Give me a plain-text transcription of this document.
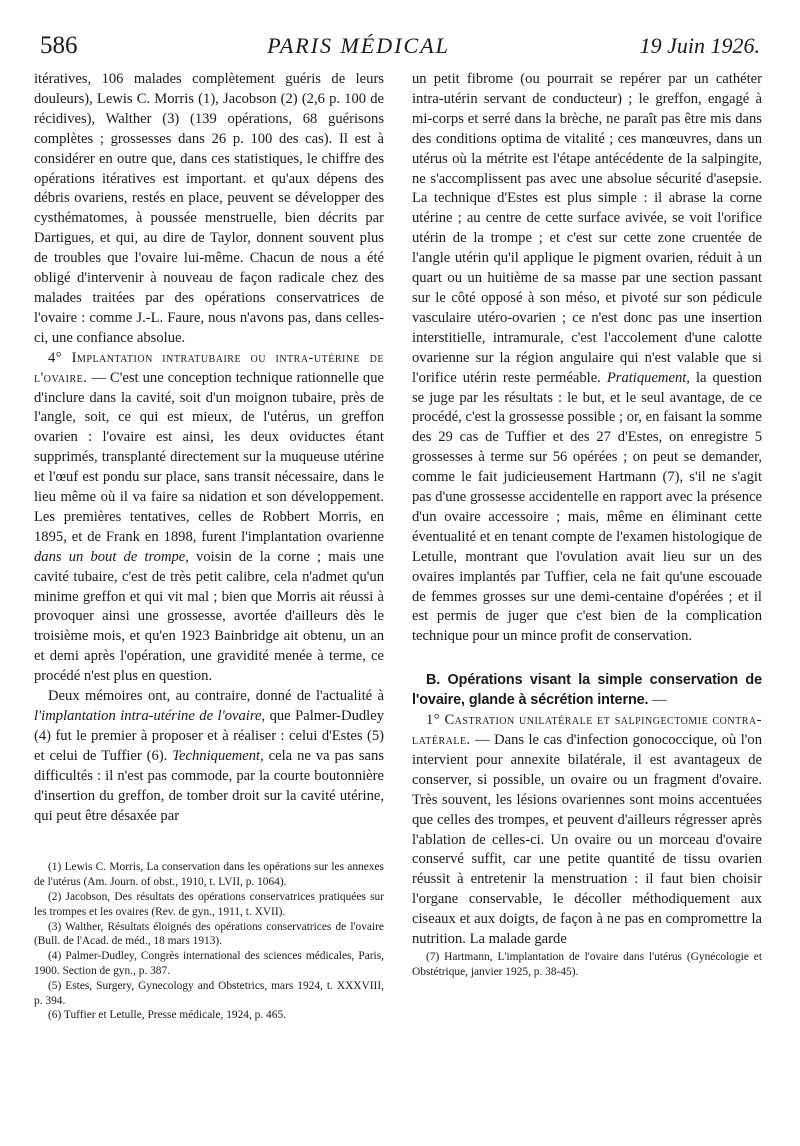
586	PARIS MÉDICAL	19 Juin 1926.

itératives, 106 malades complètement guéris de leurs douleurs), Lewis C. Morris (1), Jacobson (2) (2,6 p. 100 de récidives), Walther (3) (139 opérations, 68 guérisons complètes ; grossesses dans 26 p. 100 des cas). Il est à considérer en outre que, dans ces statistiques, le chiffre des opérations itératives est important. et qu'aux dépens des débris ovariens, restés en place, peuvent se développer des cysthématomes, à poussée menstruelle, bien décrits par Dartigues, et qui, au dire de Taylor, donnent souvent plus de troubles que l'ovaire lui-même. Chacun de nous a été obligé d'intervenir à nouveau de façon radicale chez des malades traitées par des opérations conservatrices de l'ovaire : comme J.-L. Faure, nous n'avons pas, dans celles-ci, une confiance absolue.

4° Implantation intratubaire ou intra-utérine de l'ovaire. — C'est une conception technique rationnelle que d'inclure dans la cavité, soit d'un moignon tubaire, près de l'angle, soit, ce qui est mieux, de l'utérus, un greffon ovarien : l'ovaire est ainsi, les deux oviductes étant supprimés, transplanté directement sur la muqueuse utérine et l'œuf est pondu sur place, sans transit nécessaire, dans le lieu même où il va faire sa nidation et son développement. Les premières tentatives, celles de Robbert Morris, en 1895, et de Frank en 1898, furent l'implantation ovarienne dans un bout de trompe, voisin de la corne ; mais une cavité tubaire, c'est de très petit calibre, cela n'admet qu'un minime greffon et qui vit mal ; bien que Morris ait réussi à provoquer ainsi une grossesse, avortée d'ailleurs dès le troisième mois, et qu'en 1923 Bainbridge ait obtenu, un an et demi après l'opération, une gravidité menée à terme, ce procédé n'est plus en question.

Deux mémoires ont, au contraire, donné de l'actualité à l'implantation intra-utérine de l'ovaire, que Palmer-Dudley (4) fut le premier à proposer et à réaliser : celui d'Estes (5) et celui de Tuffier (6). Techniquement, cela ne va pas sans difficultés : il n'est pas commode, par la courte boutonnière d'insertion du greffon, de tomber droit sur la cavité utérine, qui peut être désaxée par

(1) Lewis C. Morris, La conservation dans les opérations sur les annexes de l'utérus (Am. Journ. of obst., 1910, t. LVII, p. 1064).

(2) Jacobson, Des résultats des opérations conservatrices pratiquées sur les trompes et les ovaires (Rev. de gyn., 1911, t. XVII).

(3) Walther, Résultats éloignés des opérations conservatrices de l'ovaire (Bull. de l'Acad. de méd., 18 mars 1913).

(4) Palmer-Dudley, Congrès international des sciences médicales, Paris, 1900. Section de gyn., p. 387.

(5) Estes, Surgery, Gynecology and Obstetrics, mars 1924, t. XXXVIII, p. 394.

(6) Tuffier et Letulle, Presse médicale, 1924, p. 465.

un petit fibrome (ou pourrait se repérer par un cathéter intra-utérin servant de conducteur) ; le greffon, engagé à mi-corps et serré dans la brèche, ne paraît pas être mis dans des conditions optima de vitalité ; ces manœuvres, dans un utérus où la métrite est l'étape antécédente de la salpingite, ne s'accomplissent pas avec une absolue sécurité d'asepsie. La technique d'Estes est plus simple : il abrase la corne utérine ; au centre de cette surface avivée, se voit l'orifice utérin de la trompe ; et c'est sur cette zone cruentée de l'angle utérin qu'il applique le pigment ovarien, réduit à un quart ou un huitième de sa masse par une section passant sur le côté opposé à son méso, et pivoté sur son pédicule vasculaire utéro-ovarien ; ce n'est donc pas une insertion interstitielle, intramurale, c'est l'accolement d'une calotte ovarienne sur la région angulaire qui n'est valable que si l'orifice utérin reste perméable. Pratiquement, la question se juge par les résultats : le but, et le seul avantage, de ce procédé, c'est la grossesse possible ; or, en faisant la somme des 29 cas de Tuffier et des 27 d'Estes, on enregistre 5 grossesses à terme sur 56 opérées ; on peut se demander, comme le fait judicieusement Hartmann (7), s'il ne s'agit pas d'une grossesse accidentelle en rapport avec la présence d'un ovaire accessoire ; mais, même en éliminant cette éventualité et en tenant compte de l'examen histologique de Letulle, montrant que l'ovulation avait lieu sur un des ovaires implantés par Tuffier, cela ne fait qu'une escouade de femmes grosses sur une demi-centaine d'opérées ; et il est permis de juger que c'est bien de la complication technique pour un mince profit de conservation.

B. Opérations visant la simple conservation de l'ovaire, glande à sécrétion interne. —

1° Castration unilatérale et salpingectomie contra-latérale. — Dans le cas d'infection gonococcique, où l'on intervient pour annexite bilatérale, il est avantageux de conserver, si possible, un ovaire ou un fragment d'ovaire. Très souvent, les lésions ovariennes sont moins accentuées que celles des trompes, et peuvent d'ailleurs régresser après l'ablation de celles-ci. Un ovaire ou un morceau d'ovaire conservé suffit, car une petite quantité de tissu ovarien réussit à entretenir la menstruation : il faut bien choisir l'organe conservable, le décoller méthodiquement aux ciseaux et aux doigts, de façon à ne pas en compromettre la nutrition. La malade garde

(7) Hartmann, L'implantation de l'ovaire dans l'utérus (Gynécologie et Obstétrique, janvier 1925, p. 38-45).
